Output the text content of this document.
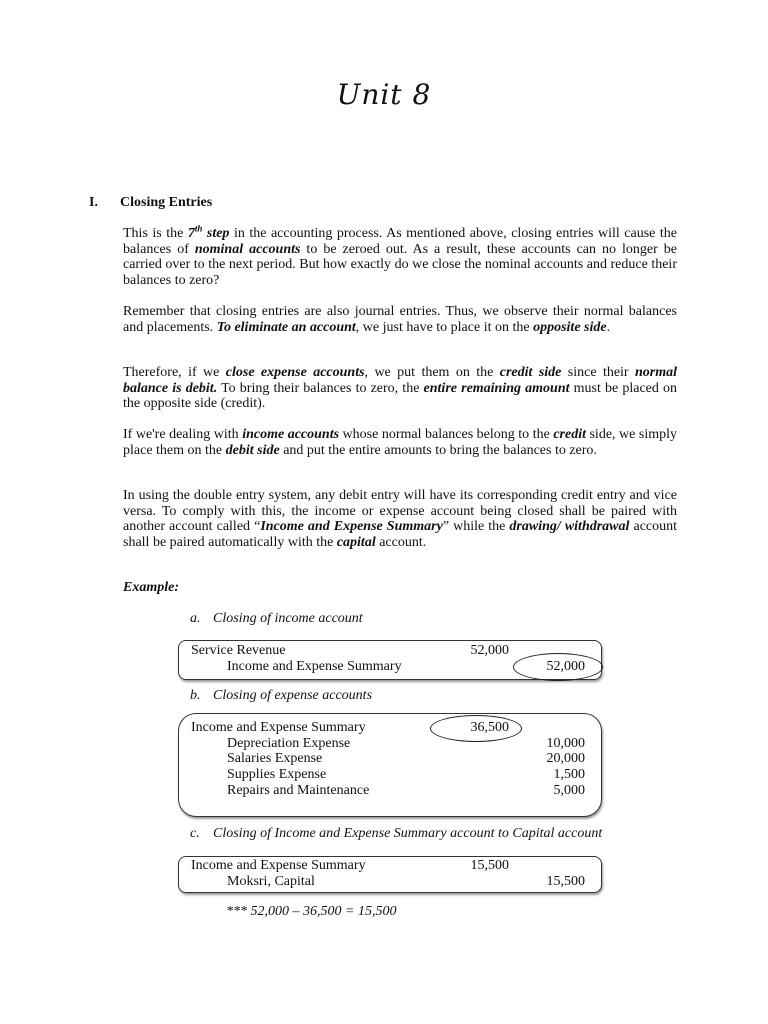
Unit 8
I. Closing Entries
This is the 7th step in the accounting process. As mentioned above, closing entries will cause the balances of nominal accounts to be zeroed out. As a result, these accounts can no longer be carried over to the next period. But how exactly do we close the nominal accounts and reduce their balances to zero?
Remember that closing entries are also journal entries. Thus, we observe their normal balances and placements. To eliminate an account, we just have to place it on the opposite side.
Therefore, if we close expense accounts, we put them on the credit side since their normal balance is debit. To bring their balances to zero, the entire remaining amount must be placed on the opposite side (credit).
If we're dealing with income accounts whose normal balances belong to the credit side, we simply place them on the debit side and put the entire amounts to bring the balances to zero.
In using the double entry system, any debit entry will have its corresponding credit entry and vice versa. To comply with this, the income or expense account being closed shall be paired with another account called “Income and Expense Summary” while the drawing/ withdrawal account shall be paired automatically with the capital account.
Example:
a. Closing of income account
Service Revenue	52,000
Income and Expense Summary	52,000
b. Closing of expense accounts
Income and Expense Summary	36,500
Depreciation Expense	10,000
Salaries Expense	20,000
Supplies Expense	1,500
Repairs and Maintenance	5,000
c. Closing of Income and Expense Summary account to Capital account
Income and Expense Summary	15,500
Moksri, Capital	15,500
*** 52,000 – 36,500 = 15,500
